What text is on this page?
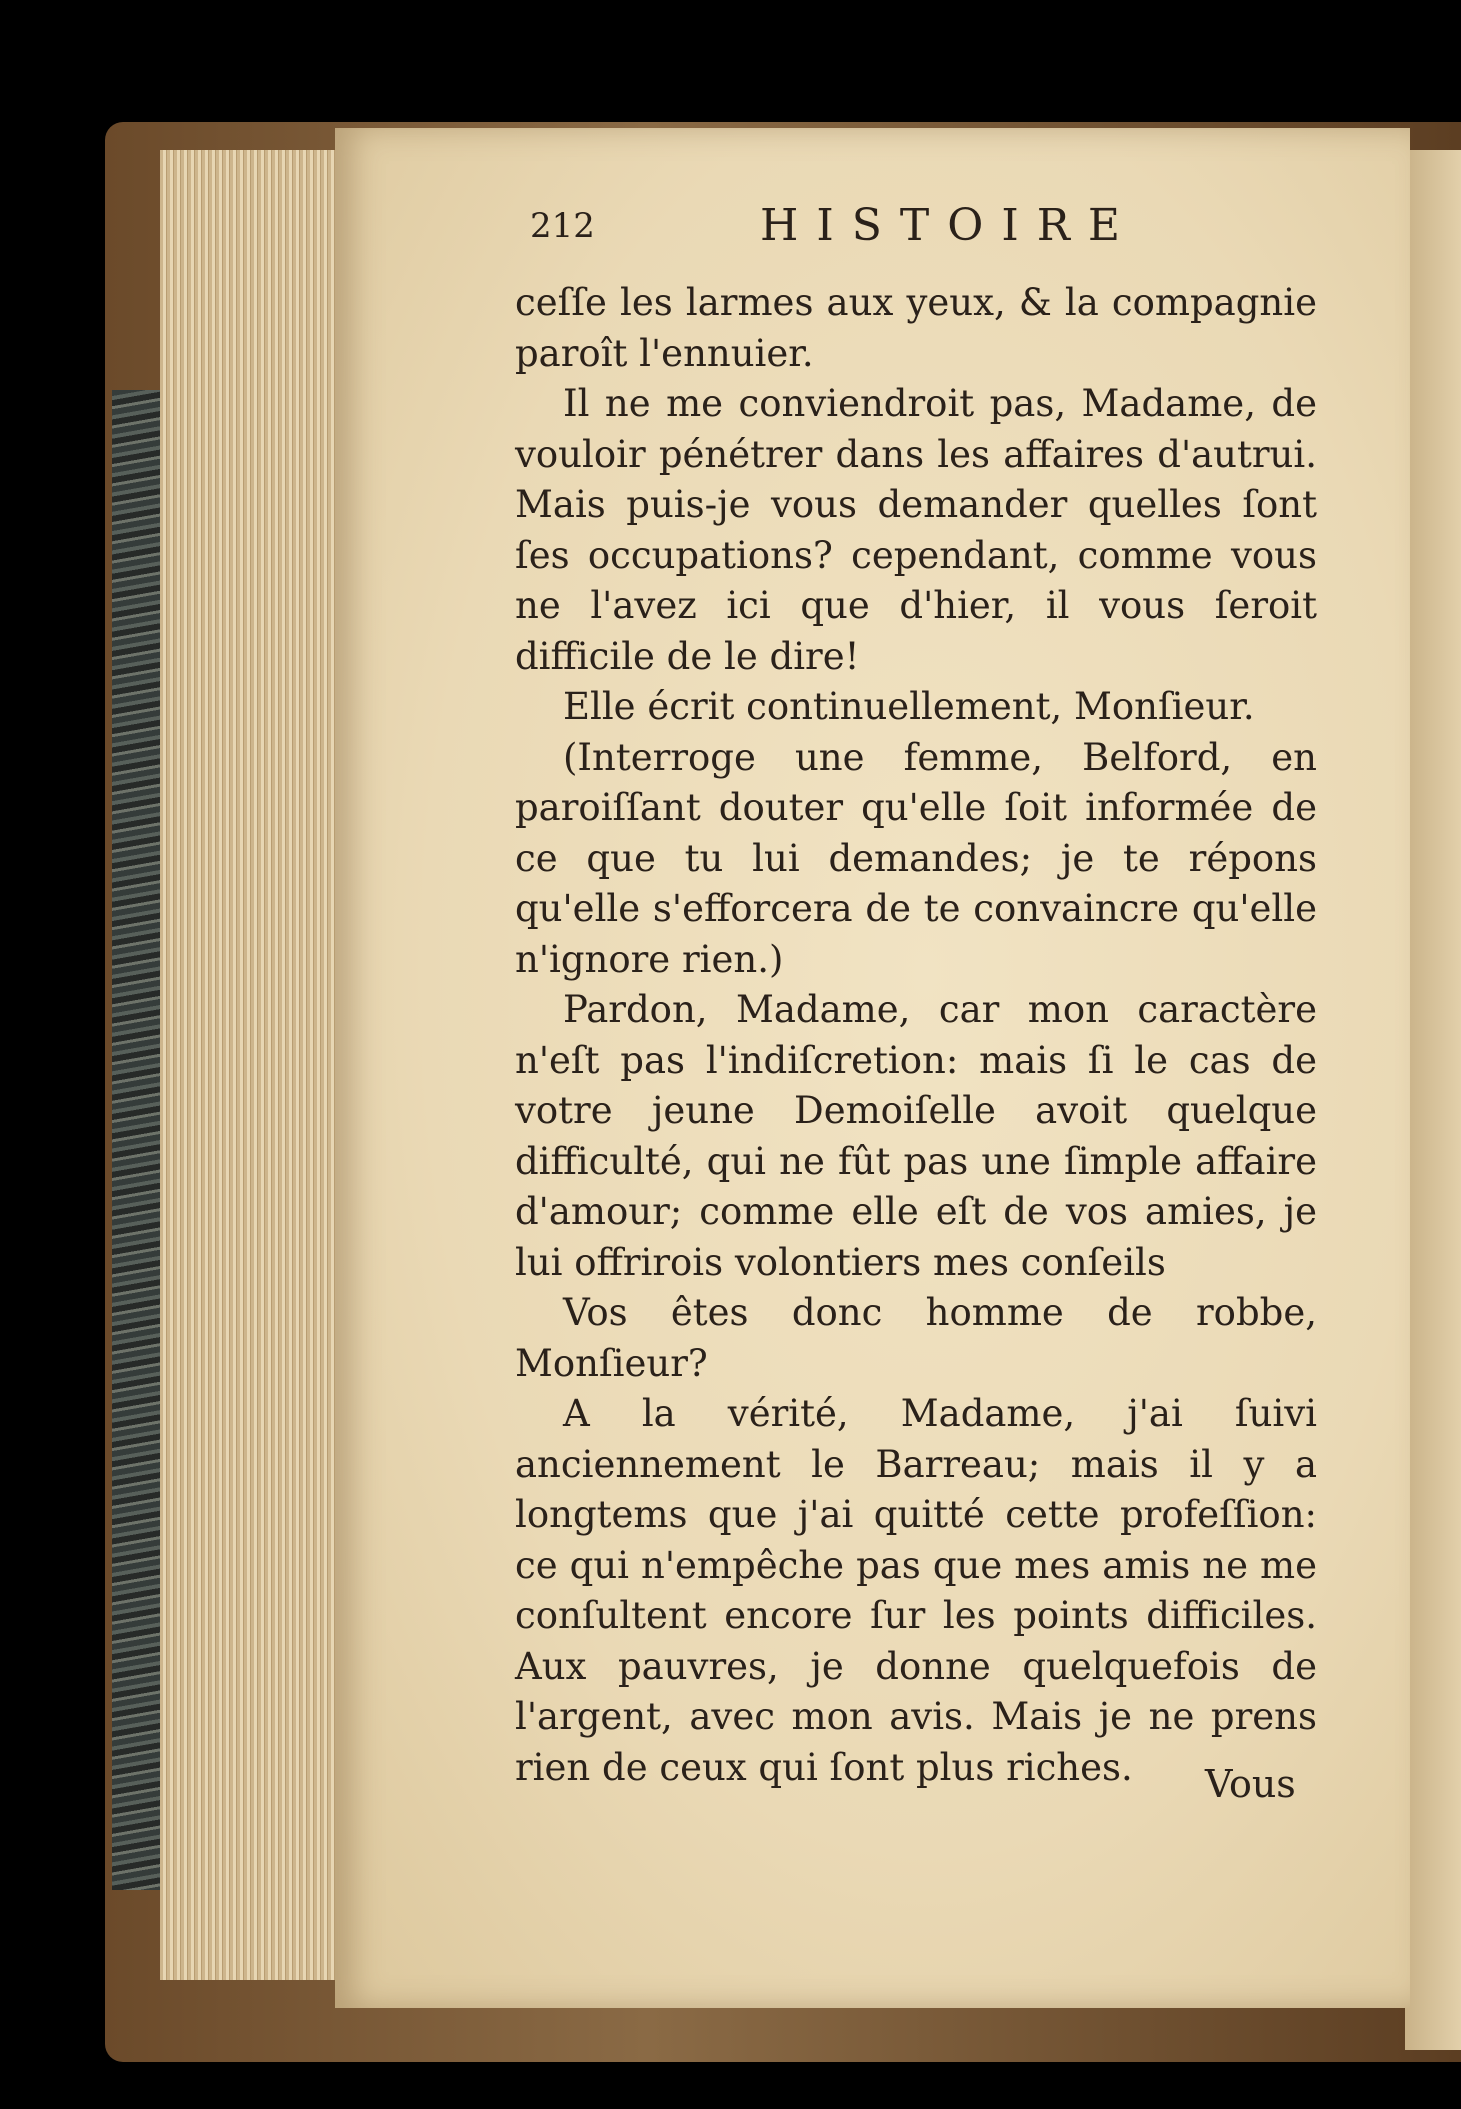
212	HISTOIRE

ceſſe les larmes aux yeux, & la compagnie paroît l'ennuier.

Il ne me conviendroit pas, Madame, de vouloir pénétrer dans les affaires d'autrui. Mais puis-je vous demander quelles ſont ſes occupations? cependant, comme vous ne l'avez ici que d'hier, il vous ſeroit difficile de le dire!

Elle écrit continuellement, Monſieur.

(Interroge une femme, Belford, en paroiſſant douter qu'elle ſoit informée de ce que tu lui demandes; je te répons qu'elle s'efforcera de te convaincre qu'elle n'ignore rien.)

Pardon, Madame, car mon caractère n'eſt pas l'indiſcretion: mais ſi le cas de votre jeune Demoiſelle avoit quelque difficulté, qui ne fût pas une ſimple affaire d'amour; comme elle eſt de vos amies, je lui offrirois volontiers mes conſeils

Vos êtes donc homme de robbe, Monſieur?

A la vérité, Madame, j'ai ſuivi anciennement le Barreau; mais il y a longtems que j'ai quitté cette profeſſion: ce qui n'empêche pas que mes amis ne me conſultent encore ſur les points difficiles. Aux pauvres, je donne quelquefois de l'argent, avec mon avis. Mais je ne prens rien de ceux qui ſont plus riches.	Vous
